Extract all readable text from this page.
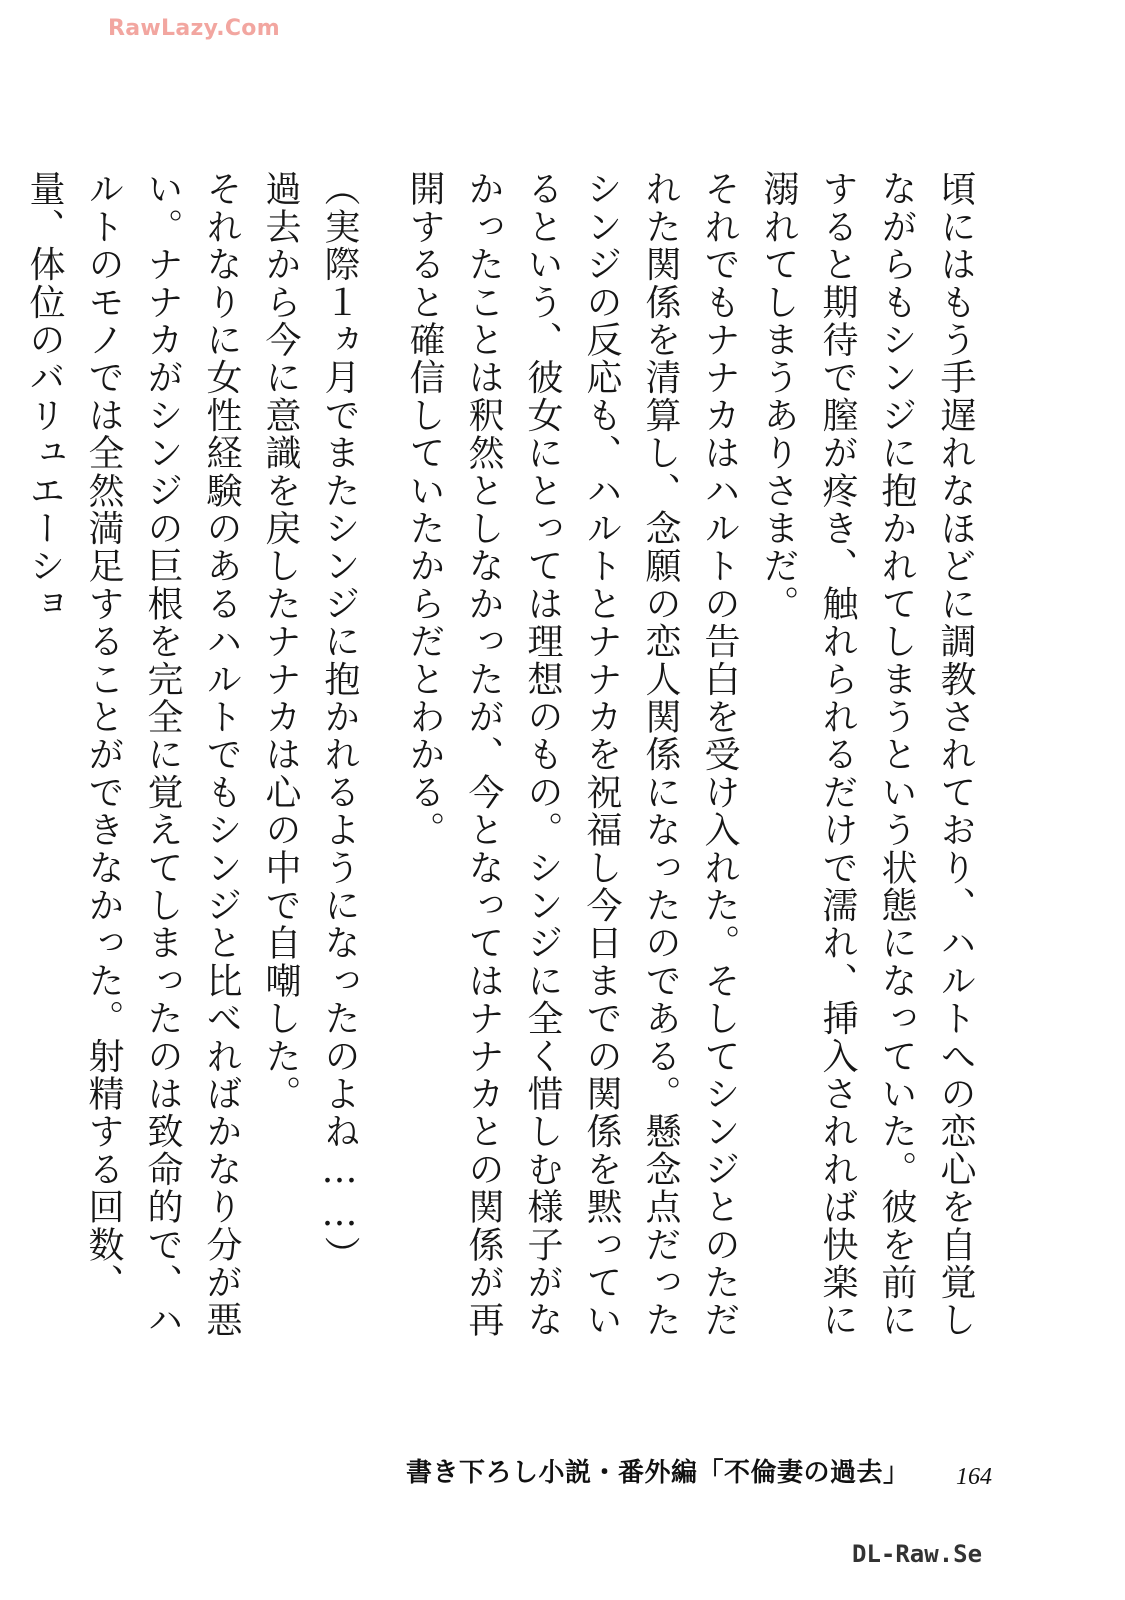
RawLazy.Com

頃にはもう手遅れなほどに調教されており、ハルトへの恋心を自覚しながらもシンジに抱かれてしまうという状態になっていた。彼を前にすると期待で膣が疼き、触れられるだけで濡れ、挿入されれば快楽に溺れてしまうありさまだ。

それでもナナカはハルトの告白を受け入れた。そしてシンジとのただれた関係を清算し、念願の恋人関係になったのである。懸念点だったシンジの反応も、ハルトとナナカを祝福し今日までの関係を黙っているという、彼女にとっては理想のもの。シンジに全く惜しむ様子がなかったことは釈然としなかったが、今となってはナナカとの関係が再開すると確信していたからだとわかる。

（実際１ヵ月でまたシンジに抱かれるようになったのよね……）

過去から今に意識を戻したナナカは心の中で自嘲した。

それなりに女性経験のあるハルトでもシンジと比べればかなり分が悪い。ナナカがシンジの巨根を完全に覚えてしまったのは致命的で、ハルトのモノでは全然満足することができなかった。射精する回数、量、体位のバリュエーショ

書き下ろし小説・番外編「不倫妻の過去」 164
DL-Raw.Se
